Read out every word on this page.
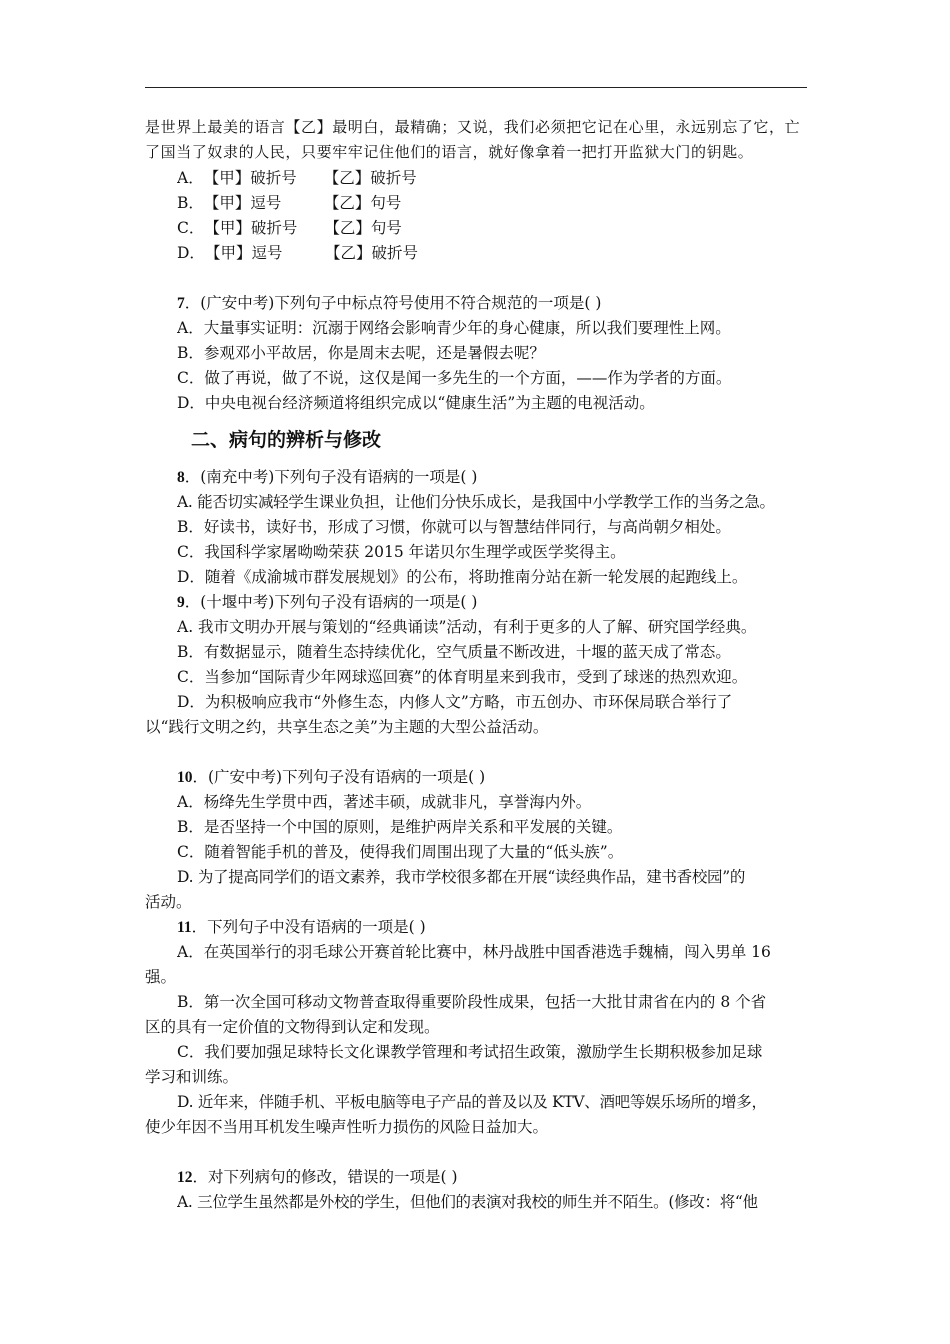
是世界上最美的语言【乙】最明白，最精确；又说，我们必须把它记在心里，永远别忘了它，亡
了国当了奴隶的人民，只要牢牢记住他们的语言，就好像拿着一把打开监狱大门的钥匙。
A．【甲】破折号 【乙】破折号
B．【甲】逗号	【乙】句号
C．【甲】破折号 【乙】句号
D．【甲】逗号	【乙】破折号
7．(广安中考)下列句子中标点符号使用不符合规范的一项是( )
A．大量事实证明：沉溺于网络会影响青少年的身心健康，所以我们要理性上网。
B．参观邓小平故居，你是周末去呢，还是暑假去呢？
C．做了再说，做了不说，这仅是闻一多先生的一个方面，——作为学者的方面。
D．中央电视台经济频道将组织完成以“健康生活”为主题的电视活动。
二、病句的辨析与修改
8．(南充中考)下列句子没有语病的一项是( )
A. 能否切实减轻学生课业负担，让他们分快乐成长，是我国中小学教学工作的当务之急。
B．好读书，读好书，形成了习惯，你就可以与智慧结伴同行，与高尚朝夕相处。
C．我国科学家屠呦呦荣获 2015 年诺贝尔生理学或医学奖得主。
D．随着《成渝城市群发展规划》的公布，将助推南分站在新一轮发展的起跑线上。
9．(十堰中考)下列句子没有语病 ···的一项是( )
A. 我市文明办开展与策划的“经典诵读”活动，有利于更多的人了解、研究国学经典。
B．有数据显示，随着生态持续优化，空气质量不断改进，十堰的蓝天成了常态。
C．当参加“国际青少年网球巡回赛”的体育明星来到我市，受到了球迷的热烈欢迎。
D．为积极响应我市“外修生态，内修人文”方略，市五创办、市环保局联合举行了
以“践行文明之约，共享生态之美”为主题的大型公益活动。
10．(广安中考)下列句子没有语病的一项是( )
A．杨绛先生学贯中西，著述丰硕，成就非凡，享誉海内外。
B．是否坚持一个中国的原则，是维护两岸关系和平发展的关键。
C．随着智能手机的普及，使得我们周围出现了大量的“低头族”。
D. 为了提高同学们的语文素养，我市学校很多都在开展“读经典作品，建书香校园”的
活动。
11．下列句子中没有语病的一项是( )
A．在英国举行的羽毛球公开赛首轮比赛中，林丹战胜中国香港选手魏楠，闯入男单 16
强。
B．第一次全国可移动文物普查取得重要阶段性成果，包括一大批甘肃省在内的 8 个省
区的具有一定价值的文物得到认定和发现。
C．我们要加强足球特长文化课教学管理和考试招生政策，激励学生长期积极参加足球
学习和训练。
D. 近年来，伴随手机、平板电脑等电子产品的普及以及 KTV、酒吧等娱乐场所的增多，
使少年因不当用耳机发生噪声性听力损伤的风险日益加大。
12．对下列病句的修改，错误的一项是( )
A. 三位学生虽然都是外校的学生，但他们的表演对我校的师生并不陌生。(修改：将“他
